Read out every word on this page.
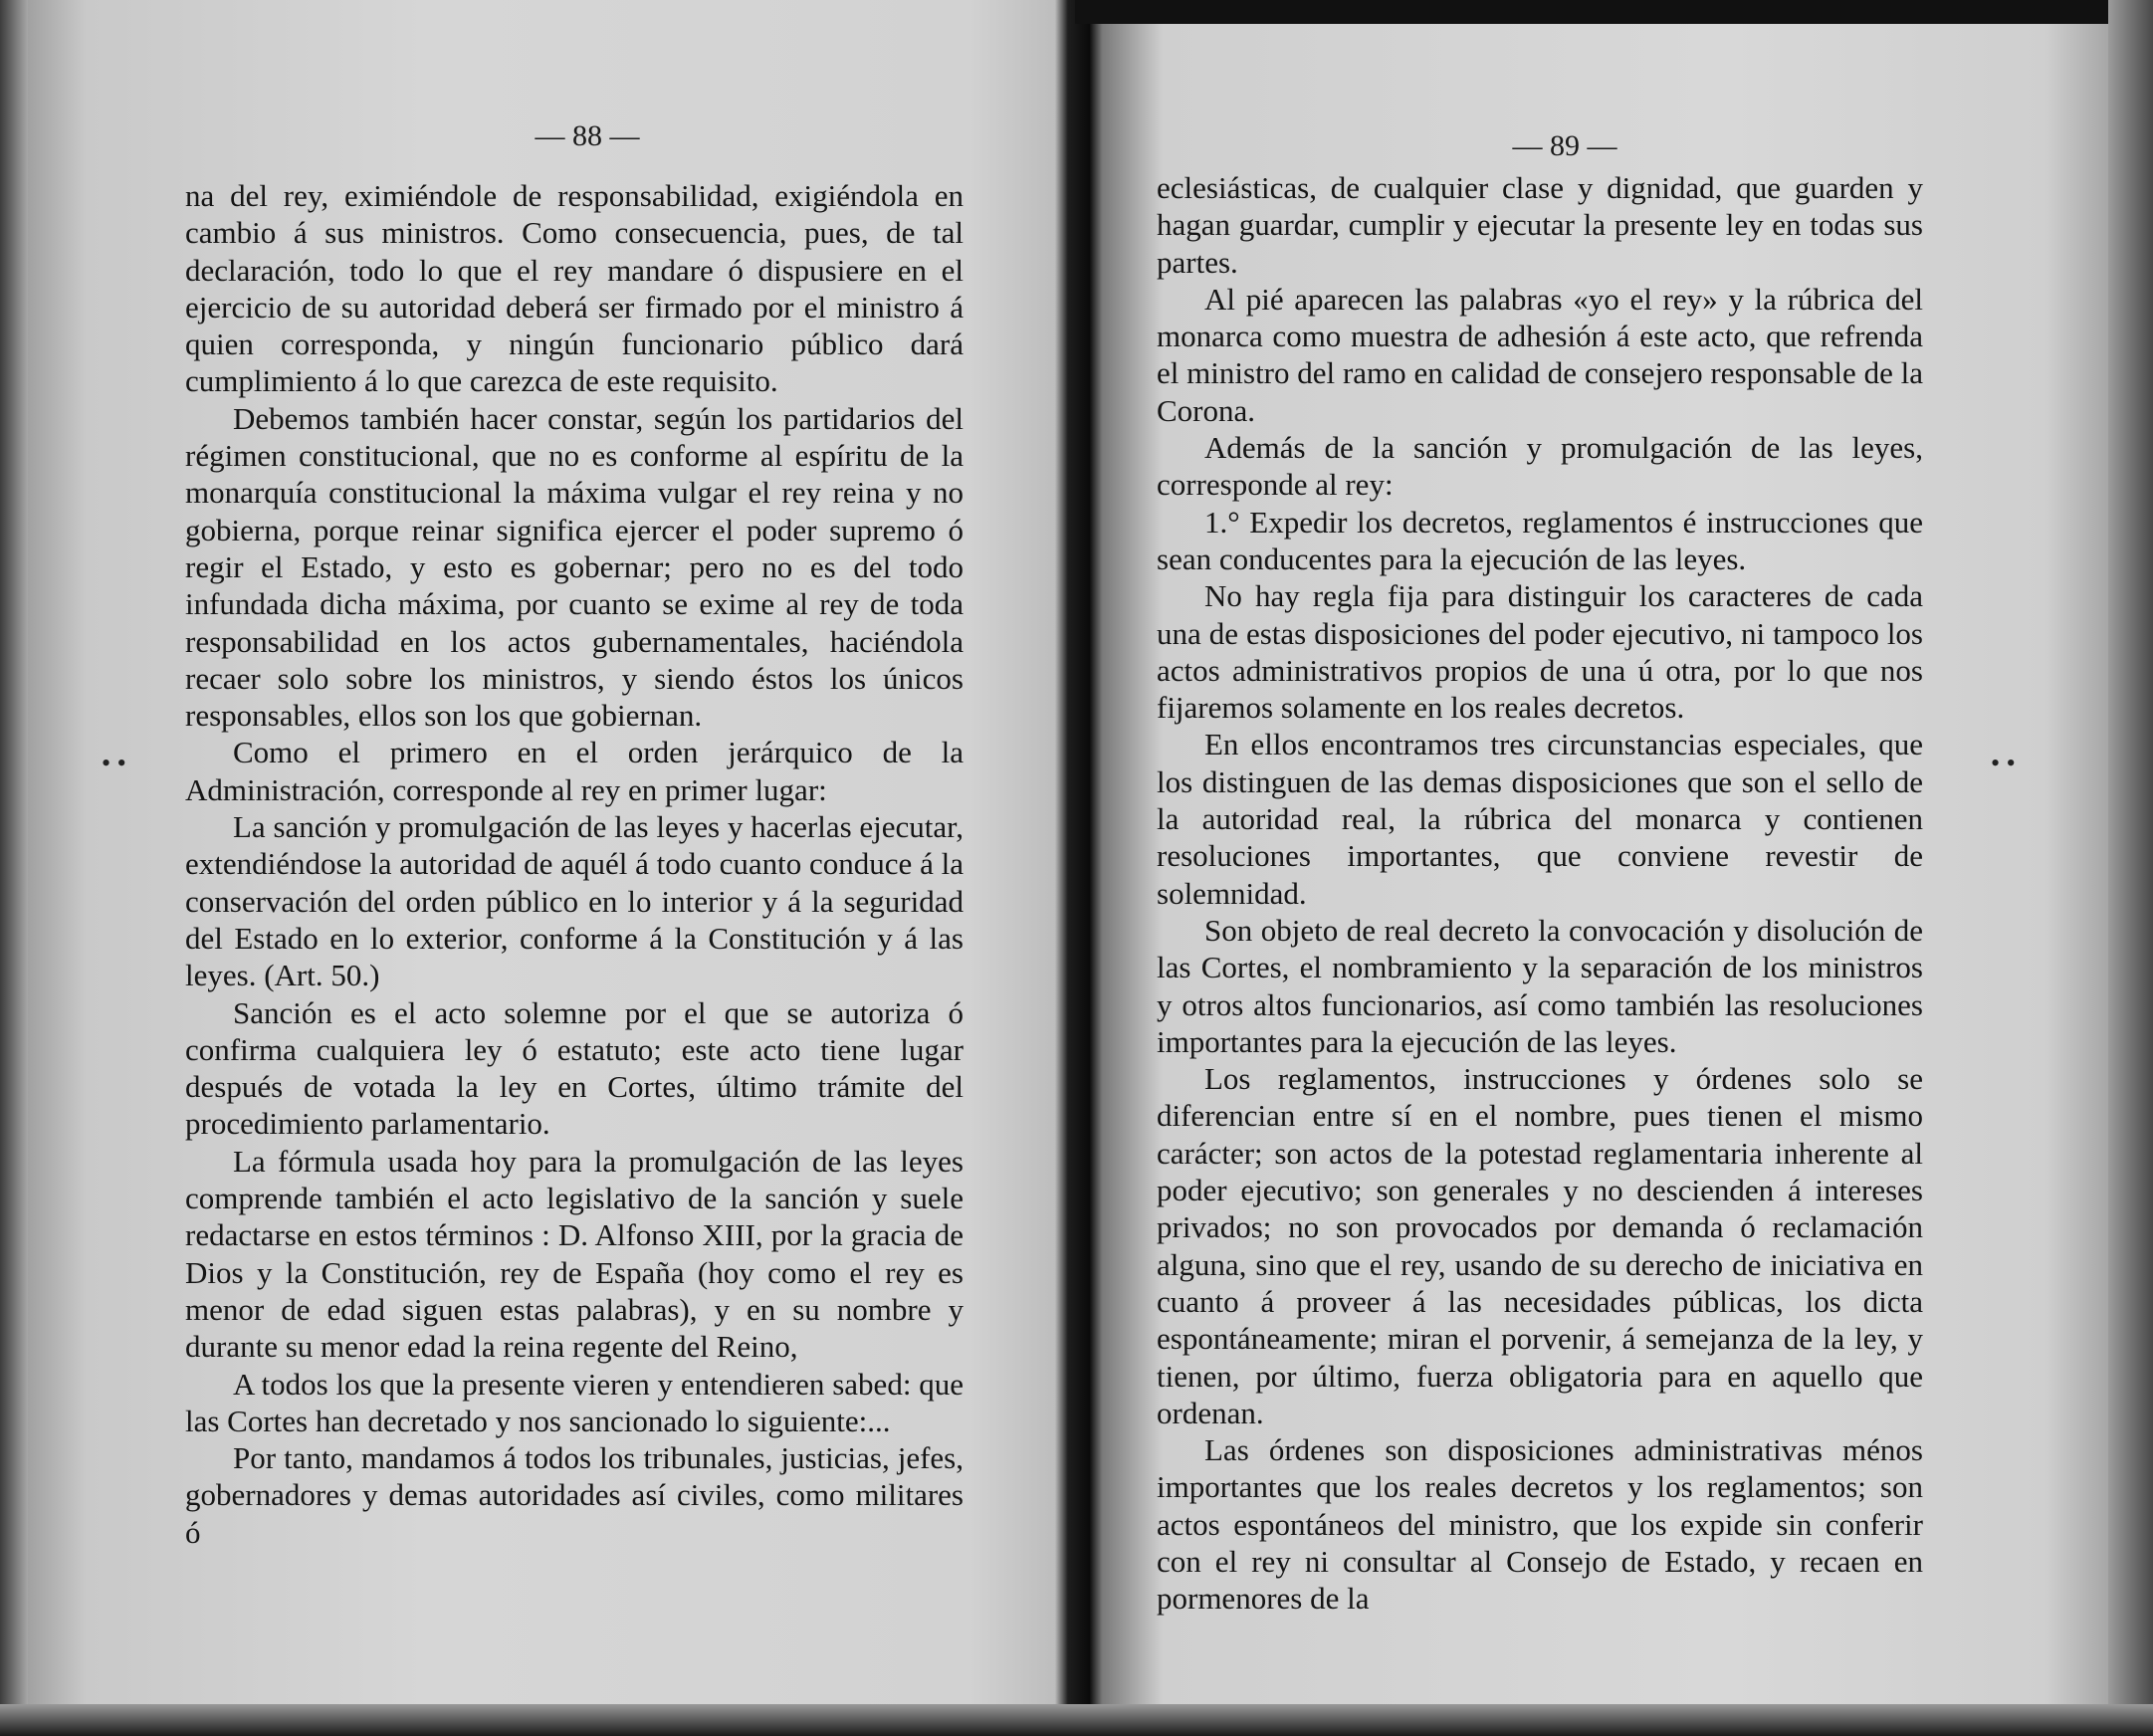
• •	• •
— 88 —

na del rey, eximiéndole de responsabilidad, exigiéndola en cambio á sus ministros. Como consecuencia, pues, de tal declaración, todo lo que el rey mandare ó dispusiere en el ejercicio de su autoridad deberá ser firmado por el ministro á quien corresponda, y ningún funcionario público dará cumplimiento á lo que carezca de este requisito.

Debemos también hacer constar, según los partidarios del régimen constitucional, que no es conforme al espíritu de la monarquía constitucional la máxima vulgar el rey reina y no gobierna, porque reinar significa ejercer el poder supremo ó regir el Estado, y esto es gobernar; pero no es del todo infundada dicha máxima, por cuanto se exime al rey de toda responsabilidad en los actos gubernamentales, haciéndola recaer solo sobre los ministros, y siendo éstos los únicos responsables, ellos son los que gobiernan.

Como el primero en el orden jerárquico de la Administración, corresponde al rey en primer lugar:

La sanción y promulgación de las leyes y hacerlas ejecutar, extendiéndose la autoridad de aquél á todo cuanto conduce á la conservación del orden público en lo interior y á la seguridad del Estado en lo exterior, conforme á la Constitución y á las leyes. (Art. 50.)

Sanción es el acto solemne por el que se autoriza ó confirma cualquiera ley ó estatuto; este acto tiene lugar después de votada la ley en Cortes, último trámite del procedimiento parlamentario.

La fórmula usada hoy para la promulgación de las leyes comprende también el acto legislativo de la sanción y suele redactarse en estos términos : D. Alfonso XIII, por la gracia de Dios y la Constitución, rey de España (hoy como el rey es menor de edad siguen estas palabras), y en su nombre y durante su menor edad la reina regente del Reino,

A todos los que la presente vieren y entendieren sabed: que las Cortes han decretado y nos sancionado lo siguiente:...

Por tanto, mandamos á todos los tribunales, justicias, jefes, gobernadores y demas autoridades así civiles, como militares ó

— 89 —

eclesiásticas, de cualquier clase y dignidad, que guarden y hagan guardar, cumplir y ejecutar la presente ley en todas sus partes.

Al pié aparecen las palabras «yo el rey» y la rúbrica del monarca como muestra de adhesión á este acto, que refrenda el ministro del ramo en calidad de consejero responsable de la Corona.

Además de la sanción y promulgación de las leyes, corresponde al rey:

1.° Expedir los decretos, reglamentos é instrucciones que sean conducentes para la ejecución de las leyes.

No hay regla fija para distinguir los caracteres de cada una de estas disposiciones del poder ejecutivo, ni tampoco los actos administrativos propios de una ú otra, por lo que nos fijaremos solamente en los reales decretos.

En ellos encontramos tres circunstancias especiales, que los distinguen de las demas disposiciones que son el sello de la autoridad real, la rúbrica del monarca y contienen resoluciones importantes, que conviene revestir de solemnidad.

Son objeto de real decreto la convocación y disolución de las Cortes, el nombramiento y la separación de los ministros y otros altos funcionarios, así como también las resoluciones importantes para la ejecución de las leyes.

Los reglamentos, instrucciones y órdenes solo se diferencian entre sí en el nombre, pues tienen el mismo carácter; son actos de la potestad reglamentaria inherente al poder ejecutivo; son generales y no descienden á intereses privados; no son provocados por demanda ó reclamación alguna, sino que el rey, usando de su derecho de iniciativa en cuanto á proveer á las necesidades públicas, los dicta espontáneamente; miran el porvenir, á semejanza de la ley, y tienen, por último, fuerza obligatoria para en aquello que ordenan.

Las órdenes son disposiciones administrativas ménos importantes que los reales decretos y los reglamentos; son actos espontáneos del ministro, que los expide sin conferir con el rey ni consultar al Consejo de Estado, y recaen en pormenores de la
